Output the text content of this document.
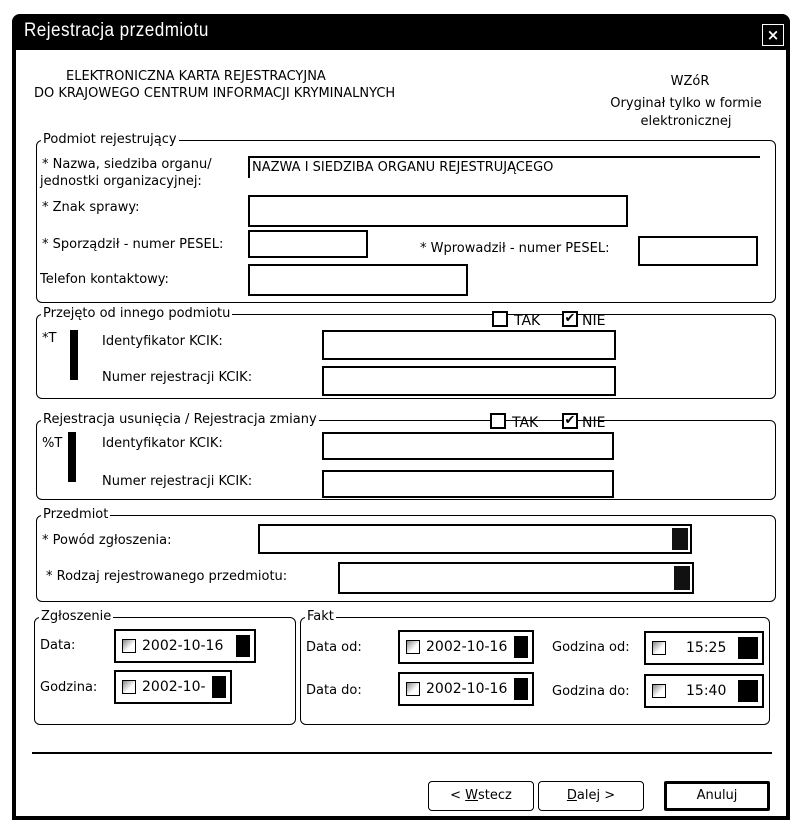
Rejestracja przedmiotu	×
ELEKTRONICZNA KARTA REJESTRACYJNA
DO KRAJOWEGO CENTRUM INFORMACJI KRYMINALNYCH
WZóR
Oryginał tylko w formie
elektronicznej
Podmiot rejestrujący
* Nazwa, siedziba organu/
jednostki organizacyjnej:
NAZWA I SIEDZIBA ORGANU REJESTRUJĄCEGO
* Znak sprawy:
* Sporządził - numer PESEL:	* Wprowadził - numer PESEL:
Telefon kontaktowy:
Przejęto od innego podmiotu
*T
TAK ✔ NIE
Identyfikator KCIK:
Numer rejestracji KCIK:
Rejestracja usunięcia / Rejestracja zmiany
%T
TAK ✔ NIE
Identyfikator KCIK:
Numer rejestracji KCIK:
Przedmiot
* Powód zgłoszenia:
* Rodzaj rejestrowanego przedmiotu:
Zgłoszenie
Data:	2002-10-16
Godzina:	2002-10-
Fakt
Data od:	2002-10-16
Data do:	2002-10-16
Godzina od:	15:25
Godzina do:	15:40
< Wstecz	Dalej >	Anuluj
